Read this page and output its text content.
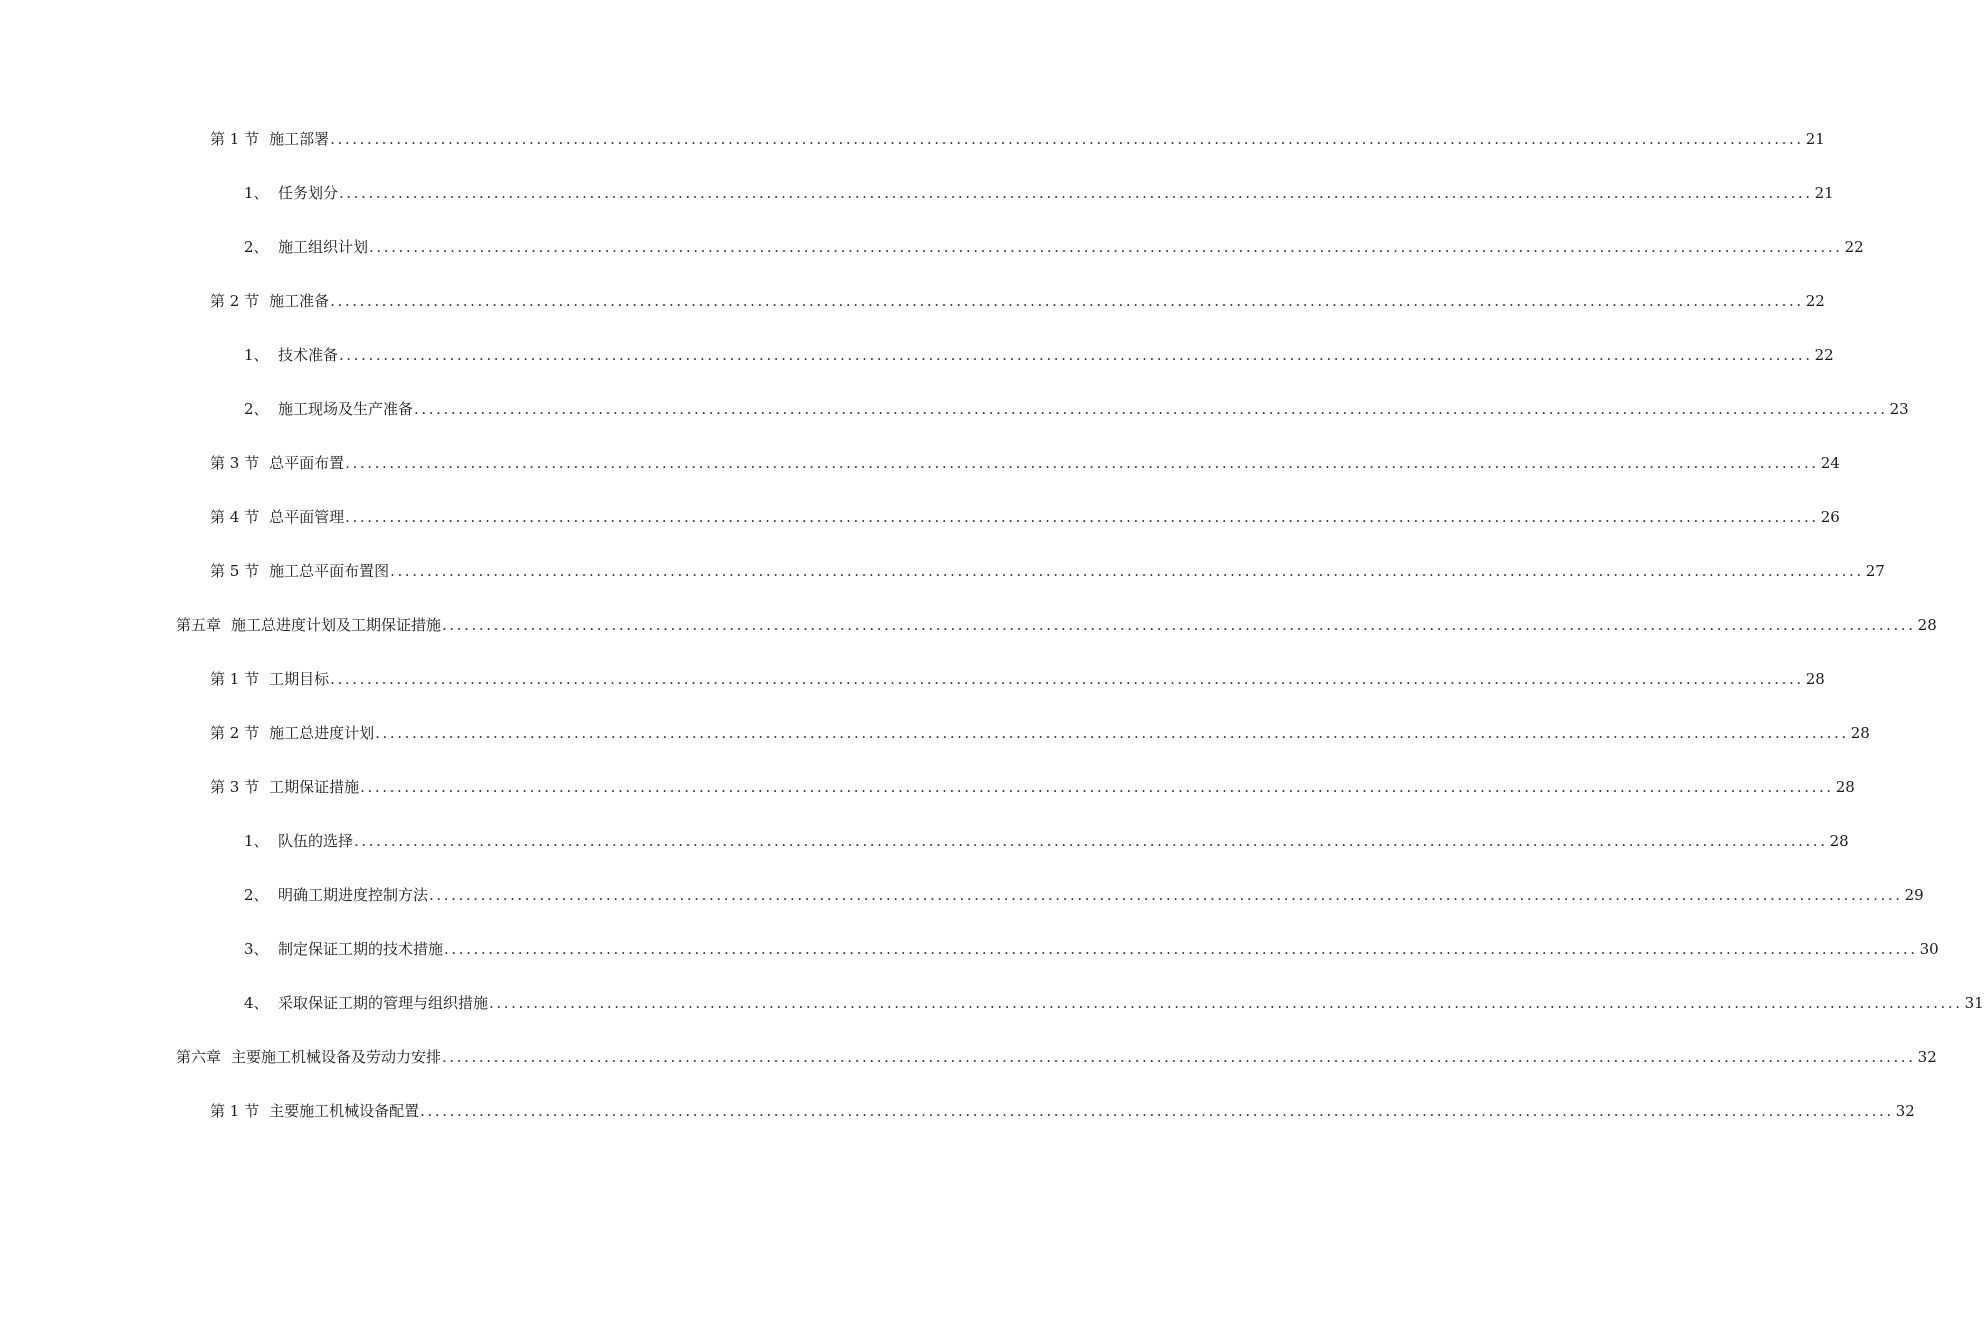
第 1 节 施工部署 ........................................................................................................................................................................................................ 21
1、 任务划分 ........................................................................................................................................................................................................ 21
2、 施工组织计划 ........................................................................................................................................................................................................ 22
第 2 节 施工准备 ........................................................................................................................................................................................................ 22
1、 技术准备 ........................................................................................................................................................................................................ 22
2、 施工现场及生产准备 ........................................................................................................................................................................................................ 23
第 3 节 总平面布置 ........................................................................................................................................................................................................ 24
第 4 节 总平面管理 ........................................................................................................................................................................................................ 26
第 5 节 施工总平面布置图 ........................................................................................................................................................................................................ 27
第五章 施工总进度计划及工期保证措施 ........................................................................................................................................................................................................ 28
第 1 节 工期目标 ........................................................................................................................................................................................................ 28
第 2 节 施工总进度计划 ........................................................................................................................................................................................................ 28
第 3 节 工期保证措施 ........................................................................................................................................................................................................ 28
1、 队伍的选择 ........................................................................................................................................................................................................ 28
2、 明确工期进度控制方法 ........................................................................................................................................................................................................ 29
3、 制定保证工期的技术措施 ........................................................................................................................................................................................................ 30
4、 采取保证工期的管理与组织措施 ........................................................................................................................................................................................................ 31
第六章 主要施工机械设备及劳动力安排 ........................................................................................................................................................................................................ 32
第 1 节 主要施工机械设备配置 ........................................................................................................................................................................................................ 32
